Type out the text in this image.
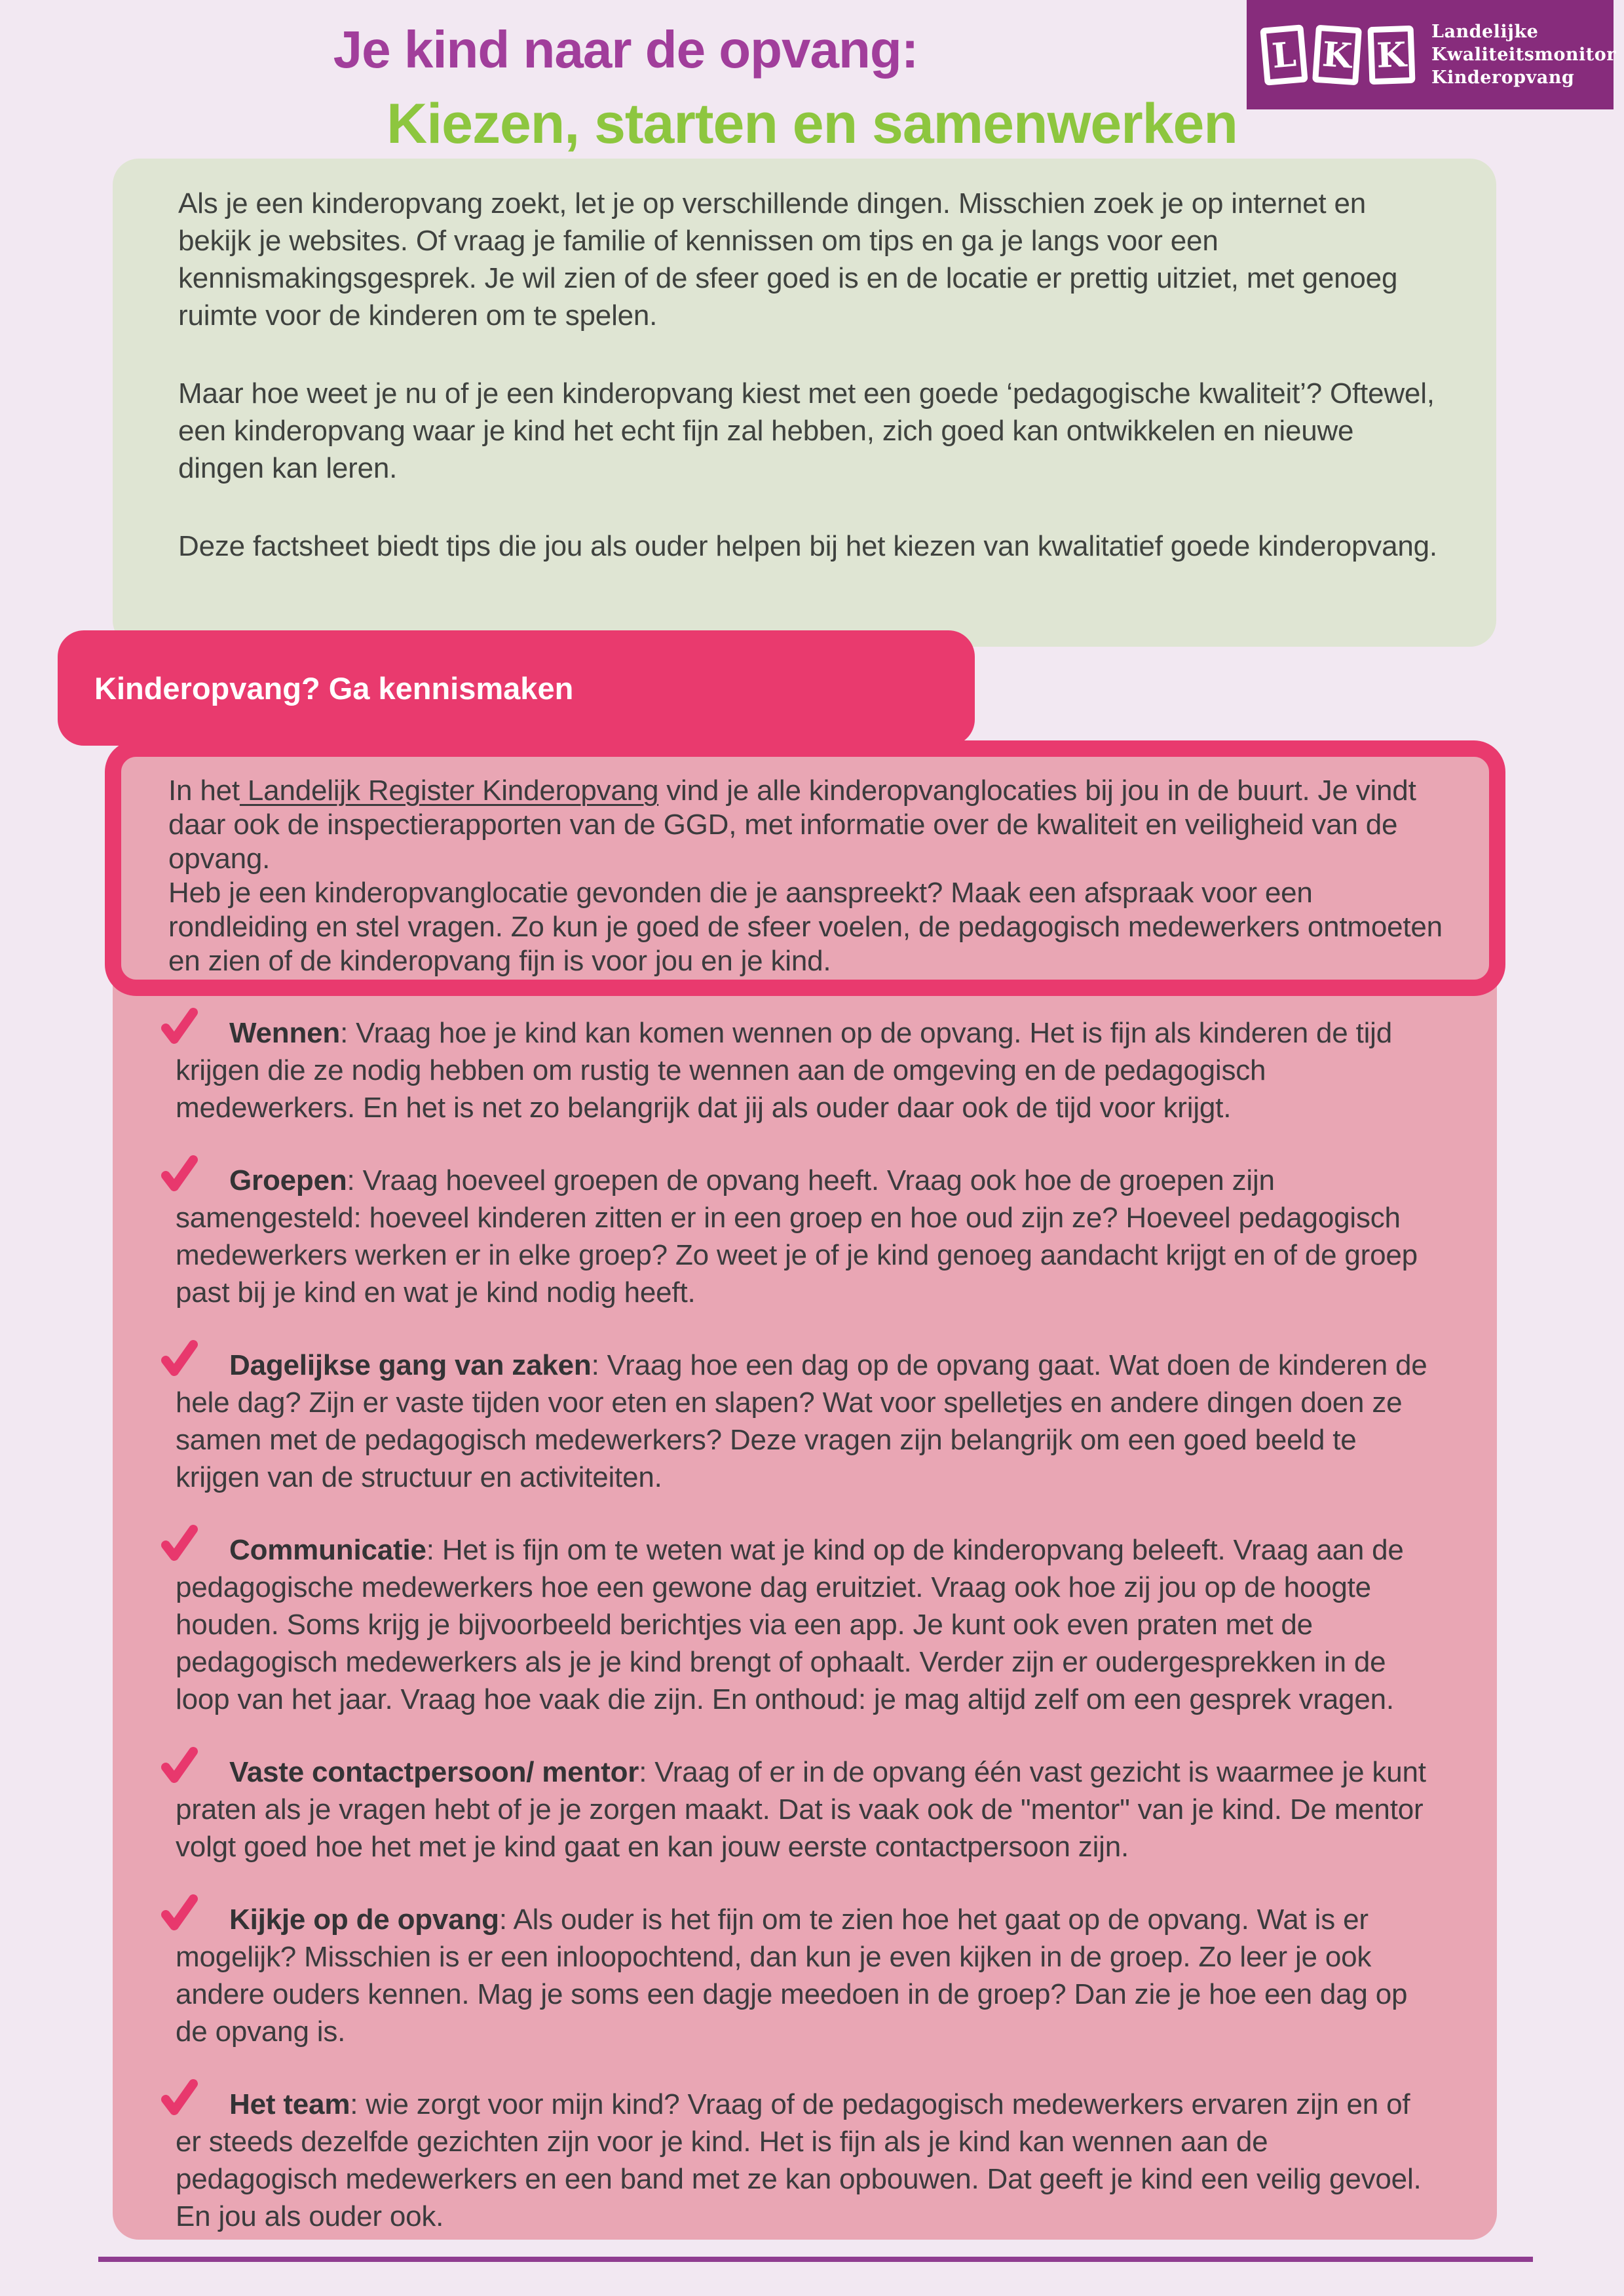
Je kind naar de opvang:
Kiezen, starten en samenwerken
L K K
Landelijke
Kwaliteitsmonitor
Kinderopvang

Als je een kinderopvang zoekt, let je op verschillende dingen. Misschien zoek je op internet en bekijk je websites. Of vraag je familie of kennissen om tips en ga je langs voor een kennismakingsgesprek. Je wil zien of de sfeer goed is en de locatie er prettig uitziet, met genoeg ruimte voor de kinderen om te spelen.

Maar hoe weet je nu of je een kinderopvang kiest met een goede ‘pedagogische kwaliteit’? Oftewel, een kinderopvang waar je kind het echt fijn zal hebben, zich goed kan ontwikkelen en nieuwe dingen kan leren.

Deze factsheet biedt tips die jou als ouder helpen bij het kiezen van kwalitatief goede kinderopvang.

Wennen: Vraag hoe je kind kan komen wennen op de opvang. Het is fijn als kinderen de tijd krijgen die ze nodig hebben om rustig te wennen aan de omgeving en de pedagogisch medewerkers. En het is net zo belangrijk dat jij als ouder daar ook de tijd voor krijgt.

Groepen: Vraag hoeveel groepen de opvang heeft. Vraag ook hoe de groepen zijn samengesteld: hoeveel kinderen zitten er in een groep en hoe oud zijn ze? Hoeveel pedagogisch medewerkers werken er in elke groep? Zo weet je of je kind genoeg aandacht krijgt en of de groep past bij je kind en wat je kind nodig heeft.

Dagelijkse gang van zaken: Vraag hoe een dag op de opvang gaat. Wat doen de kinderen de hele dag? Zijn er vaste tijden voor eten en slapen? Wat voor spelletjes en andere dingen doen ze samen met de pedagogisch medewerkers? Deze vragen zijn belangrijk om een goed beeld te krijgen van de structuur en activiteiten.

Communicatie: Het is fijn om te weten wat je kind op de kinderopvang beleeft. Vraag aan de pedagogische medewerkers hoe een gewone dag eruitziet. Vraag ook hoe zij jou op de hoogte houden. Soms krijg je bijvoorbeeld berichtjes via een app. Je kunt ook even praten met de pedagogisch medewerkers als je je kind brengt of ophaalt. Verder zijn er oudergesprekken in de loop van het jaar. Vraag hoe vaak die zijn. En onthoud: je mag altijd zelf om een gesprek vragen.

Vaste contactpersoon/ mentor: Vraag of er in de opvang één vast gezicht is waarmee je kunt praten als je vragen hebt of je je zorgen maakt. Dat is vaak ook de "mentor" van je kind. De mentor volgt goed hoe het met je kind gaat en kan jouw eerste contactpersoon zijn.

Kijkje op de opvang: Als ouder is het fijn om te zien hoe het gaat op de opvang. Wat is er mogelijk? Misschien is er een inloopochtend, dan kun je even kijken in de groep. Zo leer je ook andere ouders kennen. Mag je soms een dagje meedoen in de groep? Dan zie je hoe een dag op de opvang is.

Het team: wie zorgt voor mijn kind? Vraag of de pedagogisch medewerkers ervaren zijn en of er steeds dezelfde gezichten zijn voor je kind. Het is fijn als je kind kan wennen aan de pedagogisch medewerkers en een band met ze kan opbouwen. Dat geeft je kind een veilig gevoel. En jou als ouder ook.

In het Landelijk Register Kinderopvang vind je alle kinderopvanglocaties bij jou in de buurt. Je vindt daar ook de inspectierapporten van de GGD, met informatie over de kwaliteit en veiligheid van de opvang.

Heb je een kinderopvanglocatie gevonden die je aanspreekt? Maak een afspraak voor een rondleiding en stel vragen. Zo kun je goed de sfeer voelen, de pedagogisch medewerkers ontmoeten en zien of de kinderopvang fijn is voor jou en je kind.

Kinderopvang? Ga kennismaken
